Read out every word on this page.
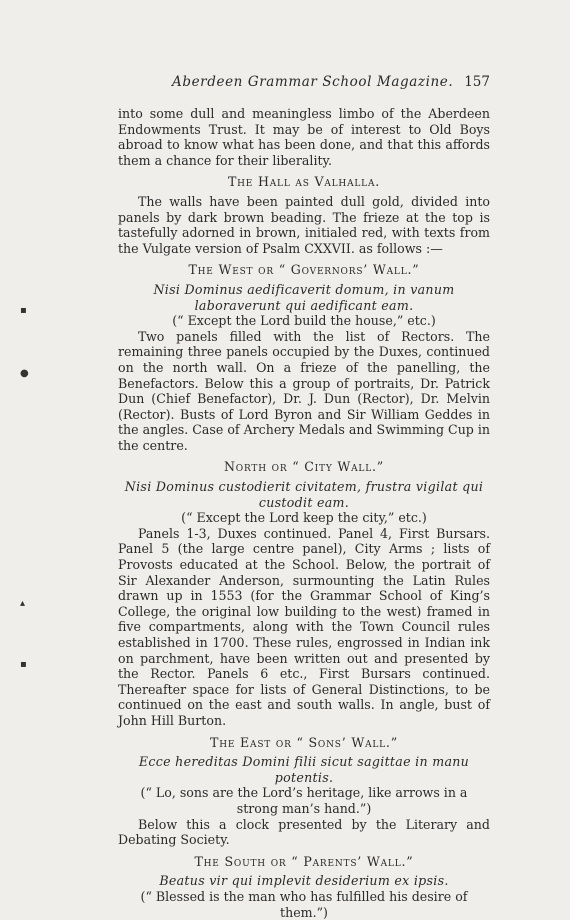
Aberdeen Grammar School Magazine. 157
▪
●
▴
▪

into some dull and meaningless limbo of the Aberdeen Endowments Trust. It may be of interest to Old Boys abroad to know what has been done, and that this affords them a chance for their liberality.

The Hall as Valhalla.

The walls have been painted dull gold, divided into panels by dark brown beading. The frieze at the top is tastefully adorned in brown, initialed red, with texts from the Vulgate version of Psalm CXXVII. as follows :—

The West or “ Governors’ Wall.”

Nisi Dominus aedificaverit domum, in vanum laboraverunt qui aedificant eam.

(“ Except the Lord build the house,” etc.)

Two panels filled with the list of Rectors. The remaining three panels occupied by the Duxes, continued on the north wall. On a frieze of the panelling, the Benefactors. Below this a group of portraits, Dr. Patrick Dun (Chief Benefactor), Dr. J. Dun (Rector), Dr. Melvin (Rector). Busts of Lord Byron and Sir William Geddes in the angles. Case of Archery Medals and Swimming Cup in the centre.

North or “ City Wall.”

Nisi Dominus custodierit civitatem, frustra vigilat qui custodit eam.

(“ Except the Lord keep the city,” etc.)

Panels 1-3, Duxes continued. Panel 4, First Bursars. Panel 5 (the large centre panel), City Arms ; lists of Provosts educated at the School. Below, the portrait of Sir Alexander Anderson, surmounting the Latin Rules drawn up in 1553 (for the Grammar School of King’s College, the original low building to the west) framed in five compartments, along with the Town Council rules established in 1700. These rules, engrossed in Indian ink on parchment, have been written out and presented by the Rector. Panels 6 etc., First Bursars continued. Thereafter space for lists of General Distinctions, to be continued on the east and south walls. In angle, bust of John Hill Burton.

The East or “ Sons’ Wall.”

Ecce hereditas Domini filii sicut sagittae in manu potentis.

(“ Lo, sons are the Lord’s heritage, like arrows in a strong man’s hand.”)

Below this a clock presented by the Literary and Debating Society.

The South or “ Parents’ Wall.”

Beatus vir qui implevit desiderium ex ipsis.

(“ Blessed is the man who has fulfilled his desire of them.”)
